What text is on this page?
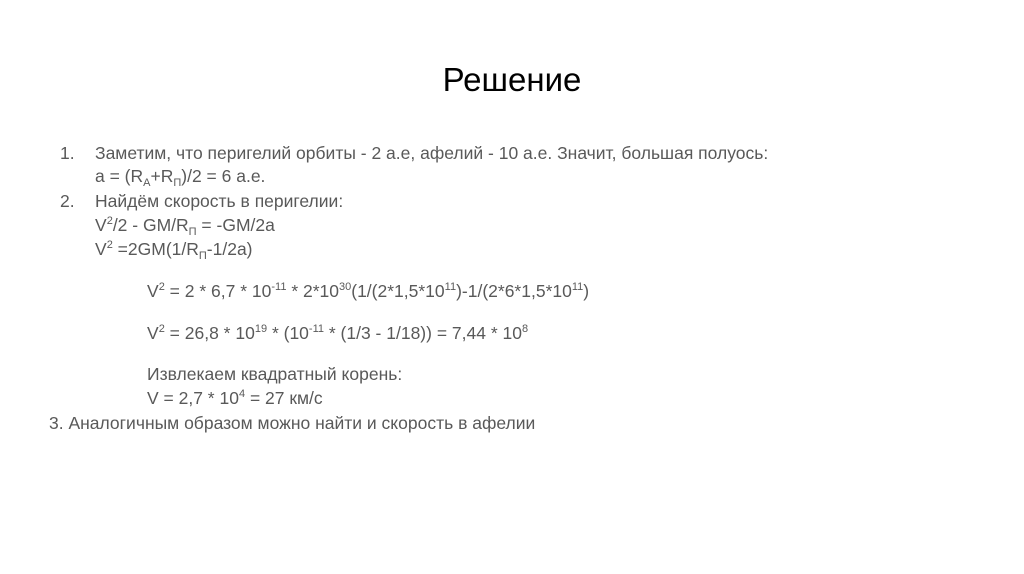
Решение
1. Заметим, что перигелий орбиты - 2 а.е, афелий - 10 а.е. Значит, большая полуось:
$a = (R_A+R_П)/2 = 6$ а.е.
2. Найдём скорость в перигелии:
$V^2/2 - GM/R_П = -GM/2a$
$V^2 =2GM(1/R_П-1/2a)$
$V^2 = 2 * 6,7 * 10^{-11} * 2*10^{30}(1/(2*1,5*10^{11})-1/(2*6*1,5*10^{11})$
$V^2 = 26,8 * 10^{19} * (10^{-11} * (1/3 - 1/18)) = 7,44 * 10^8$
Извлекаем квадратный корень:
$V = 2,7 * 10^4 = 27$ км/с
3. Аналогичным образом можно найти и скорость в афелии
